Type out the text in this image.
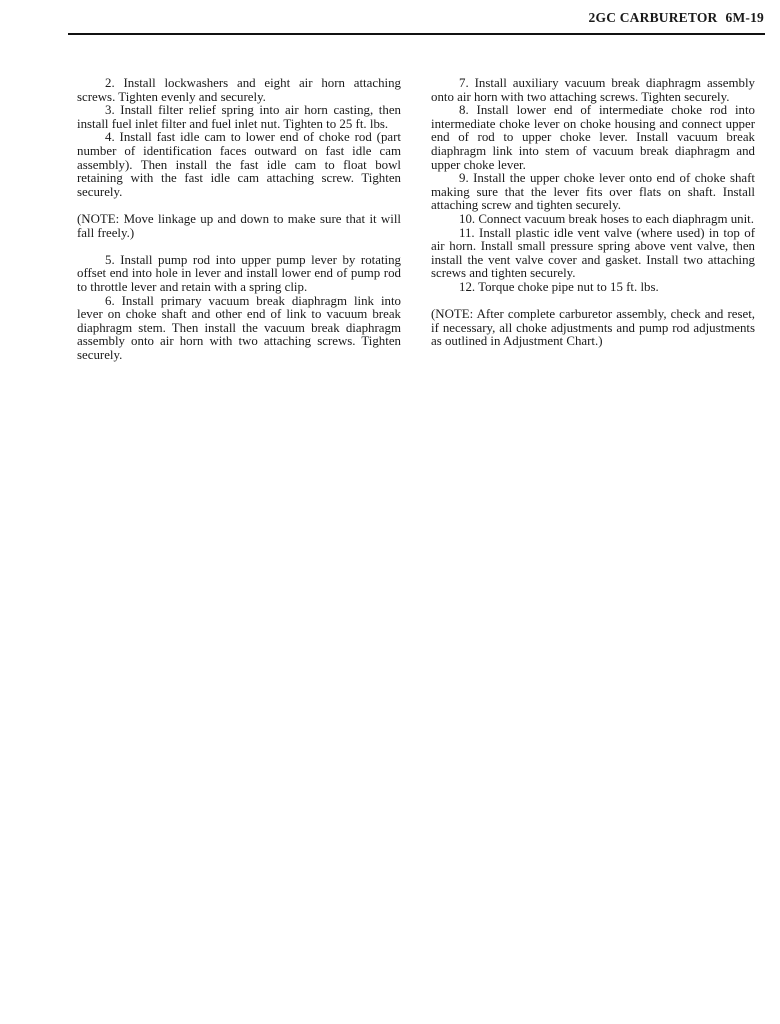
2GC CARBURETOR 6M-19

2. Install lockwashers and eight air horn attaching screws. Tighten evenly and securely.

3. Install filter relief spring into air horn casting, then install fuel inlet filter and fuel inlet nut. Tighten to 25 ft. lbs.

4. Install fast idle cam to lower end of choke rod (part number of identification faces outward on fast idle cam assembly). Then install the fast idle cam to float bowl retaining with the fast idle cam attaching screw. Tighten securely.

(NOTE: Move linkage up and down to make sure that it will fall freely.)

5. Install pump rod into upper pump lever by rotating offset end into hole in lever and install lower end of pump rod to throttle lever and retain with a spring clip.

6. Install primary vacuum break diaphragm link into lever on choke shaft and other end of link to vacuum break diaphragm stem. Then install the vacuum break diaphragm assembly onto air horn with two attaching screws. Tighten securely.

7. Install auxiliary vacuum break diaphragm assembly onto air horn with two attaching screws. Tighten securely.

8. Install lower end of intermediate choke rod into intermediate choke lever on choke housing and connect upper end of rod to upper choke lever. Install vacuum break diaphragm link into stem of vacuum break diaphragm and upper choke lever.

9. Install the upper choke lever onto end of choke shaft making sure that the lever fits over flats on shaft. Install attaching screw and tighten securely.

10. Connect vacuum break hoses to each diaphragm unit.

11. Install plastic idle vent valve (where used) in top of air horn. Install small pressure spring above vent valve, then install the vent valve cover and gasket. Install two attaching screws and tighten securely.

12. Torque choke pipe nut to 15 ft. lbs.

(NOTE: After complete carburetor assembly, check and reset, if necessary, all choke adjustments and pump rod adjustments as outlined in Adjustment Chart.)
